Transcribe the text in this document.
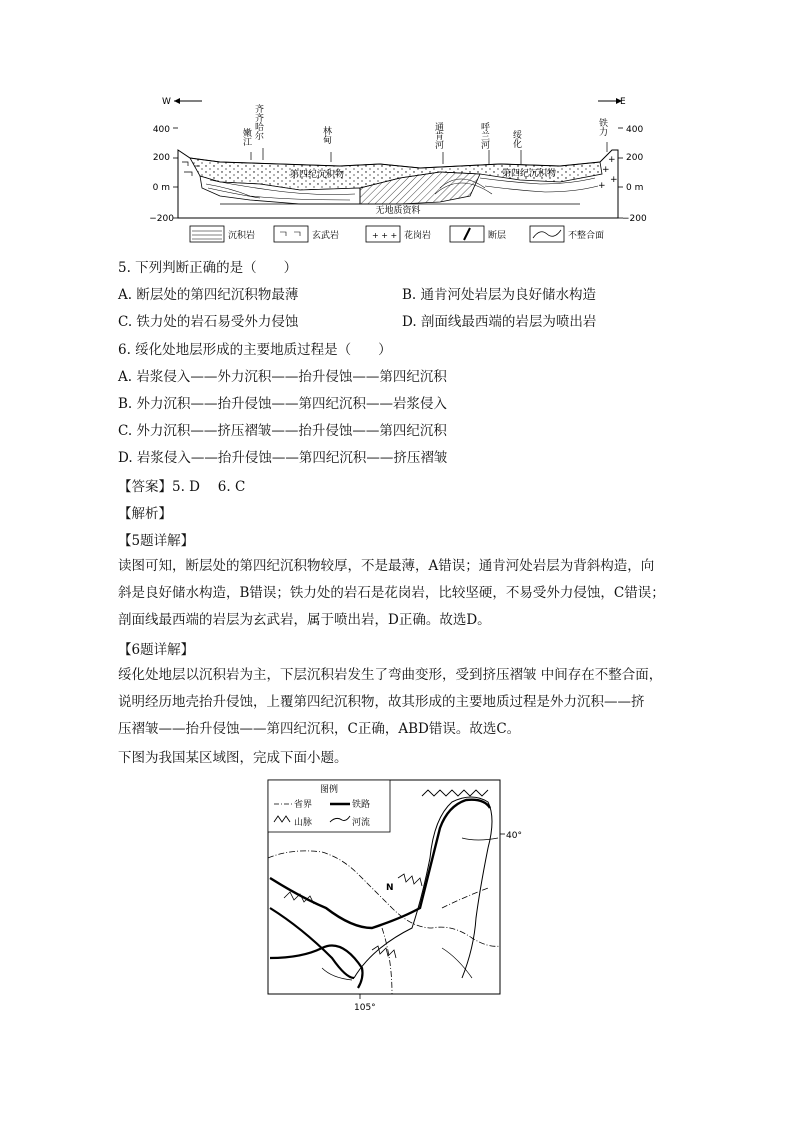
W	E
400
200
0 m
−200
400
200
0 m
−200
嫩江 齐齐哈尔	林甸	通肯河	呼兰河 绥化
铁力
+
+
+
+
无地质资料
第四纪沉积物	第四纪沉积物
沉积岩	玄武岩	+ + + 花岗岩	断层	不整合面
5. 下列判断正确的是（　　）
A. 断层处的第四纪沉积物最薄	B. 通肯河处岩层为良好储水构造
C. 铁力处的岩石易受外力侵蚀	D. 剖面线最西端的岩层为喷出岩
6. 绥化处地层形成的主要地质过程是（　　）
A. 岩浆侵入——外力沉积——抬升侵蚀——第四纪沉积
B. 外力沉积——抬升侵蚀——第四纪沉积——岩浆侵入
C. 外力沉积——挤压褶皱——抬升侵蚀——第四纪沉积
D. 岩浆侵入——抬升侵蚀——第四纪沉积——挤压褶皱
【答案】5. D　 6. C
【解析】
【5题详解】
读图可知，断层处的第四纪沉积物较厚，不是最薄，A错误；通肯河处岩层为背斜构造，向
斜是良好储水构造，B错误；铁力处的岩石是花岗岩，比较坚硬，不易受外力侵蚀，C错误；
剖面线最西端的岩层为玄武岩，属于喷出岩，D正确。故选D。
【6题详解】
绥化处地层以沉积岩为主，下层沉积岩发生了弯曲变形，受到挤压褶皱 中间存在不整合面，
说明经历地壳抬升侵蚀，上覆第四纪沉积物，故其形成的主要地质过程是外力沉积——挤
压褶皱——抬升侵蚀——第四纪沉积，C正确，ABD错误。故选C。
下图为我国某区域图，完成下面小题。
图例
省界	铁路
山脉	河流
N
40°
105°
